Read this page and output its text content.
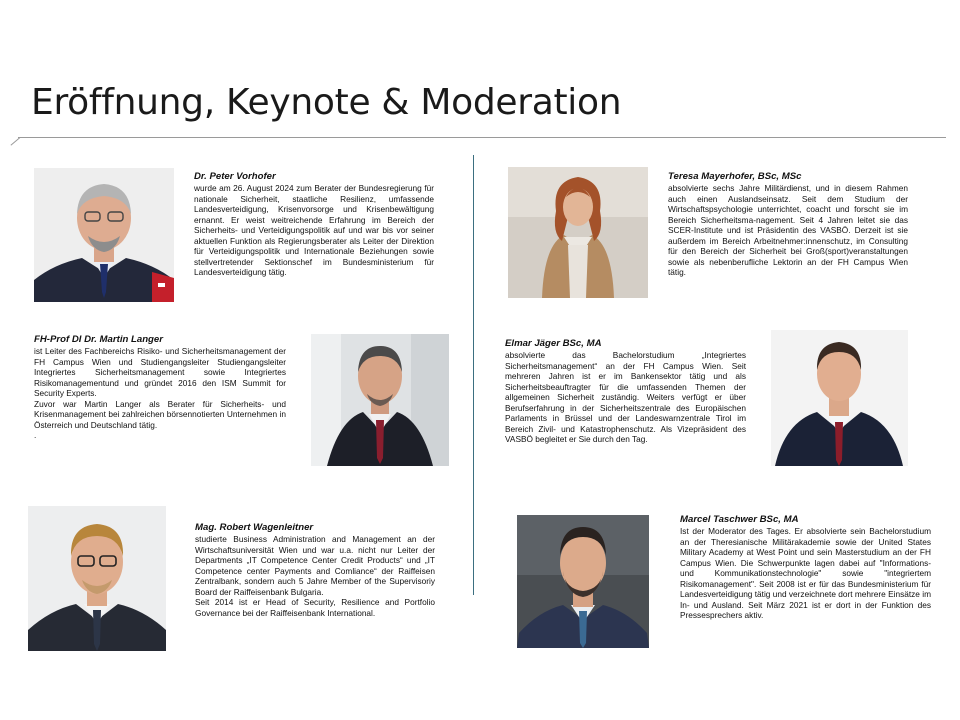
Eröffnung, Keynote & Moderation
Dr. Peter Vorhofer

wurde am 26. August 2024 zum Berater der Bundesregierung für nationale Sicherheit, staatliche Resilienz, umfassende Landesverteidigung, Krisenvorsorge und Krisenbewältigung ernannt. Er weist weitreichende Erfahrung im Bereich der Sicherheits- und Verteidigungspolitik auf und war bis vor seiner aktuellen Funktion als Regierungsberater als Leiter der Direktion für Verteidigungspolitik und Internationale Beziehungen sowie stellvertretender Sektionschef im Bundesministerium für Landesverteidigung tätig.

FH-Prof DI Dr. Martin Langer

ist Leiter des Fachbereichs Risiko- und Sicherheitsmanagement der FH Campus Wien und Studiengangsleiter Studiengangsleiter Integriertes Sicherheitsmanagement sowie Integriertes Risikomanagementund und gründet 2016 den ISM Summit for Security Experts.

Zuvor war Martin Langer als Berater für Sicherheits- und Krisenmanagement bei zahlreichen börsennotierten Unternehmen in Österreich und Deutschland tätig.

.

Mag. Robert Wagenleitner

studierte Business Administration and Management an der Wirtschaftsuniversität Wien und war u.a. nicht nur Leiter der Departments „IT Competence Center Credit Products“ und „IT Competence center Payments and Comliance“ der Raiffeisen Zentralbank, sondern auch 5 Jahre Member of the Supervisoriy Board der Raiffeisenbank Bulgaria.

Seit 2014 ist er Head of Security, Resilience and Portfolio Governance bei der Raiffeisenbank International.

Teresa Mayerhofer, BSc, MSc

absolvierte sechs Jahre Militärdienst, und in diesem Rahmen auch einen Auslandseinsatz. Seit dem Studium der Wirtschaftspsychologie unterrichtet, coacht und forscht sie im Bereich Sicherheitsma-nagement. Seit 4 Jahren leitet sie das SCER-Institute und ist Präsidentin des VASBÖ. Derzeit ist sie außerdem im Bereich Arbeitnehmer:innenschutz, im Consulting für den Bereich der Sicherheit bei Groß(sport)veranstaltungen sowie als nebenberufliche Lektorin an der FH Campus Wien tätig.

Elmar Jäger BSc, MA

absolvierte das Bachelorstudium „Integriertes Sicherheitsmanagement“ an der FH Campus Wien. Seit mehreren Jahren ist er im Bankensektor tätig und als Sicherheitsbeauftragter für die umfassenden Themen der allgemeinen Sicherheit zuständig. Weiters verfügt er über Berufserfahrung in der Sicherheitszentrale des Europäischen Parlaments in Brüssel und der Landeswarnzentrale Tirol im Bereich Zivil- und Katastrophenschutz. Als Vizepräsident des VASBÖ begleitet er Sie durch den Tag.

Marcel Taschwer BSc, MA

Ist der Moderator des Tages. Er absolvierte sein Bachelorstudium an der Theresianische Militärakademie sowie der United States Military Academy at West Point und sein Masterstudium an der FH Campus Wien. Die Schwerpunkte lagen dabei auf "Informations- und Kommunikationstechnologie" sowie "integriertem Risikomanagement". Seit 2008 ist er für das Bundesministerium für Landesverteidigung tätig und verzeichnete dort mehrere Einsätze im In- und Ausland. Seit März 2021 ist er dort in der Funktion des Pressesprechers aktiv.
